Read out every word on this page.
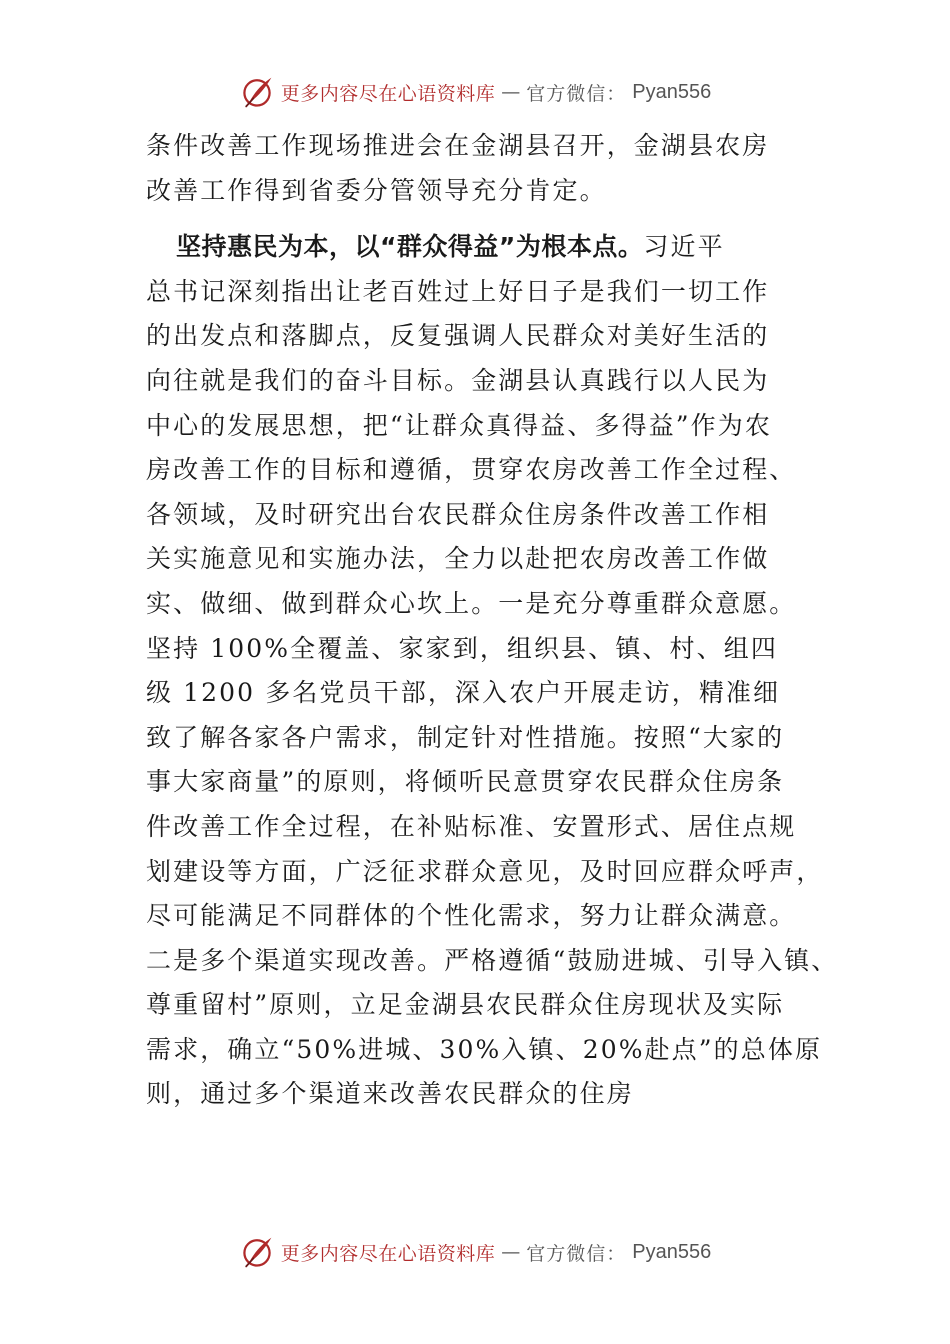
更多内容尽在心语资料库 — 官方微信： Pyan556
条件改善工作现场推进会在金湖县召开，金湖县农房
改善工作得到省委分管领导充分肯定。
坚持惠民为本，以“群众得益”为根本点。习近平
总书记深刻指出让老百姓过上好日子是我们一切工作
的出发点和落脚点，反复强调人民群众对美好生活的
向往就是我们的奋斗目标。金湖县认真践行以人民为
中心的发展思想，把“让群众真得益、多得益”作为农
房改善工作的目标和遵循，贯穿农房改善工作全过程、
各领域，及时研究出台农民群众住房条件改善工作相
关实施意见和实施办法，全力以赴把农房改善工作做
实、做细、做到群众心坎上。一是充分尊重群众意愿。
坚持 100%全覆盖、家家到，组织县、镇、村、组四
级 1200 多名党员干部，深入农户开展走访，精准细
致了解各家各户需求，制定针对性措施。按照“大家的
事大家商量”的原则，将倾听民意贯穿农民群众住房条
件改善工作全过程，在补贴标准、安置形式、居住点规
划建设等方面，广泛征求群众意见，及时回应群众呼声，
尽可能满足不同群体的个性化需求，努力让群众满意。
二是多个渠道实现改善。严格遵循“鼓励进城、引导入镇、
尊重留村”原则，立足金湖县农民群众住房现状及实际
需求，确立“50%进城、30%入镇、20%赴点”的总体原
则，通过多个渠道来改善农民群众的住房
更多内容尽在心语资料库 — 官方微信： Pyan556
